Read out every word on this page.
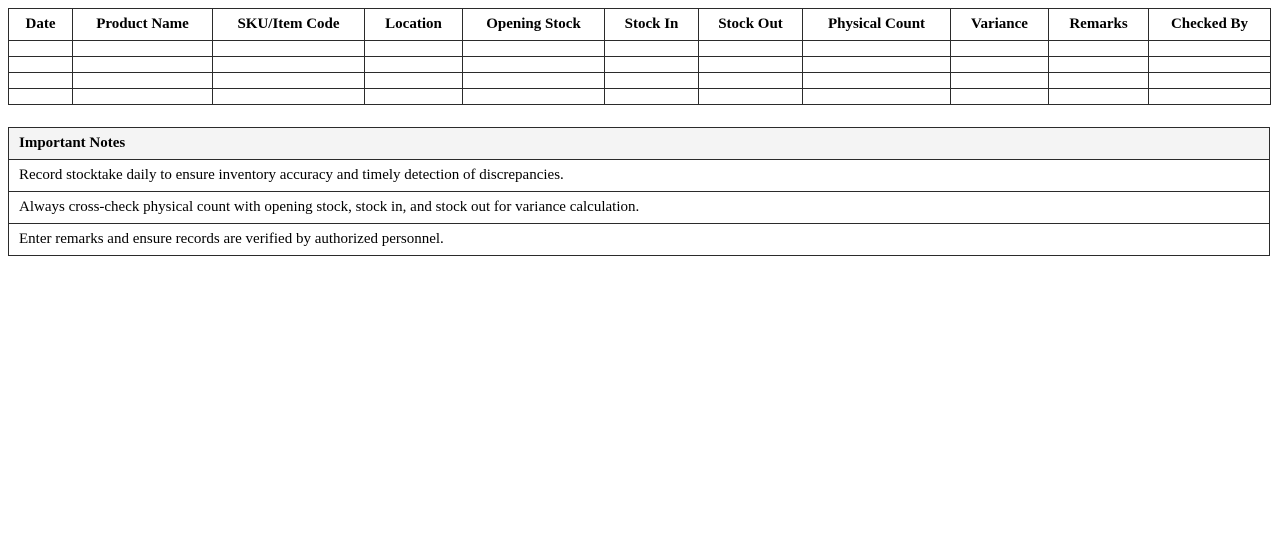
Date	Product Name	SKU/Item Code	Location	Opening Stock	Stock In	Stock Out	Physical Count	Variance	Remarks	Checked By

Important Notes
Record stocktake daily to ensure inventory accuracy and timely detection of discrepancies.
Always cross-check physical count with opening stock, stock in, and stock out for variance calculation.
Enter remarks and ensure records are verified by authorized personnel.
